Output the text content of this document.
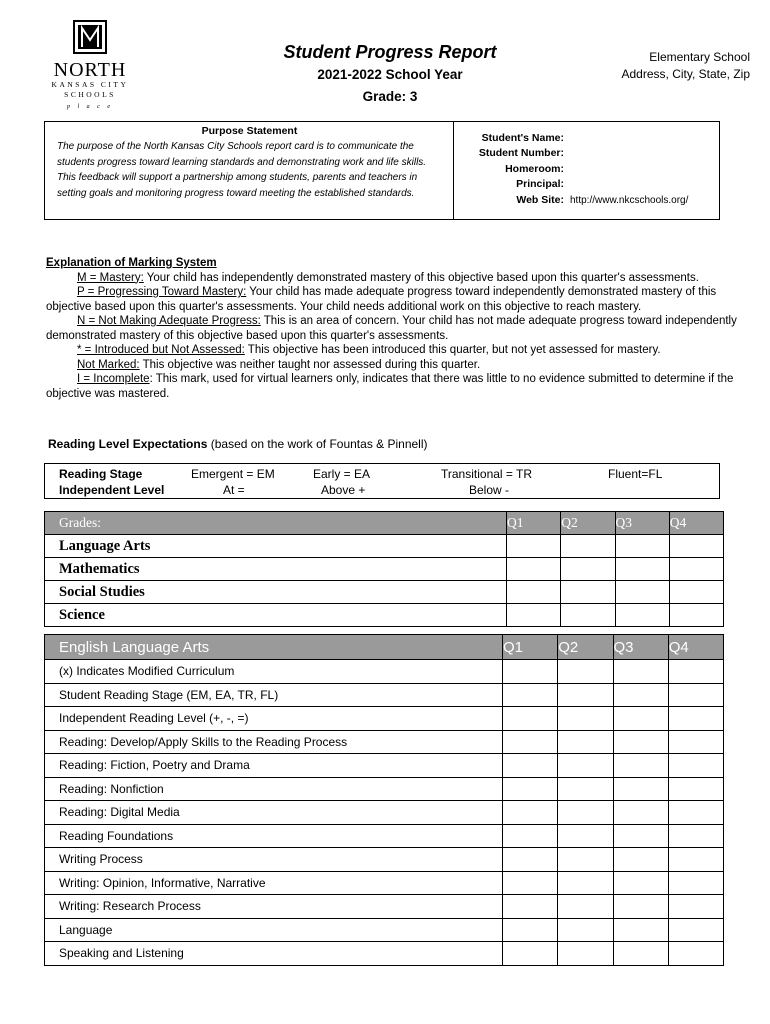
NORTH
KANSAS CITY
SCHOOLS
p l a c e
Student Progress Report
2021-2022 School Year
Grade: 3
Elementary School
Address, City, State, Zip
Purpose Statement
The purpose of the North Kansas City Schools report card is to communicate the students progress toward learning standards and demonstrating work and life skills. This feedback will support a partnership among students, parents and teachers in setting goals and monitoring progress toward meeting the established standards.
Student's Name:
Student Number:
Homeroom:
Principal:
Web Site: http://www.nkcschools.org/
Explanation of Marking System
M = Mastery: Your child has independently demonstrated mastery of this objective based upon this quarter's assessments.
P = Progressing Toward Mastery: Your child has made adequate progress toward independently demonstrated mastery of this objective based upon this quarter's assessments. Your child needs additional work on this objective to reach mastery.
N = Not Making Adequate Progress: This is an area of concern. Your child has not made adequate progress toward independently demonstrated mastery of this objective based upon this quarter's assessments.
* = Introduced but Not Assessed: This objective has been introduced this quarter, but not yet assessed for mastery.
Not Marked: This objective was neither taught nor assessed during this quarter.
I = Incomplete: This mark, used for virtual learners only, indicates that there was little to no evidence submitted to determine if the objective was mastered.
Reading Level Expectations (based on the work of Fountas & Pinnell)
Reading Stage	Emergent = EM	Early = EA	Transitional = TR	Fluent=FL
Independent Level	At =	Above +	Below -
Grades:	Q1	Q2	Q3	Q4
Language Arts				
Mathematics				
Social Studies				
Science				
English Language Arts	Q1	Q2	Q3	Q4
(x) Indicates Modified Curriculum				
Student Reading Stage (EM, EA, TR, FL)				
Independent Reading Level (+, -, =)				
Reading: Develop/Apply Skills to the Reading Process				
Reading: Fiction, Poetry and Drama				
Reading: Nonfiction				
Reading: Digital Media				
Reading Foundations				
Writing Process				
Writing: Opinion, Informative, Narrative				
Writing: Research Process				
Language				
Speaking and Listening				
